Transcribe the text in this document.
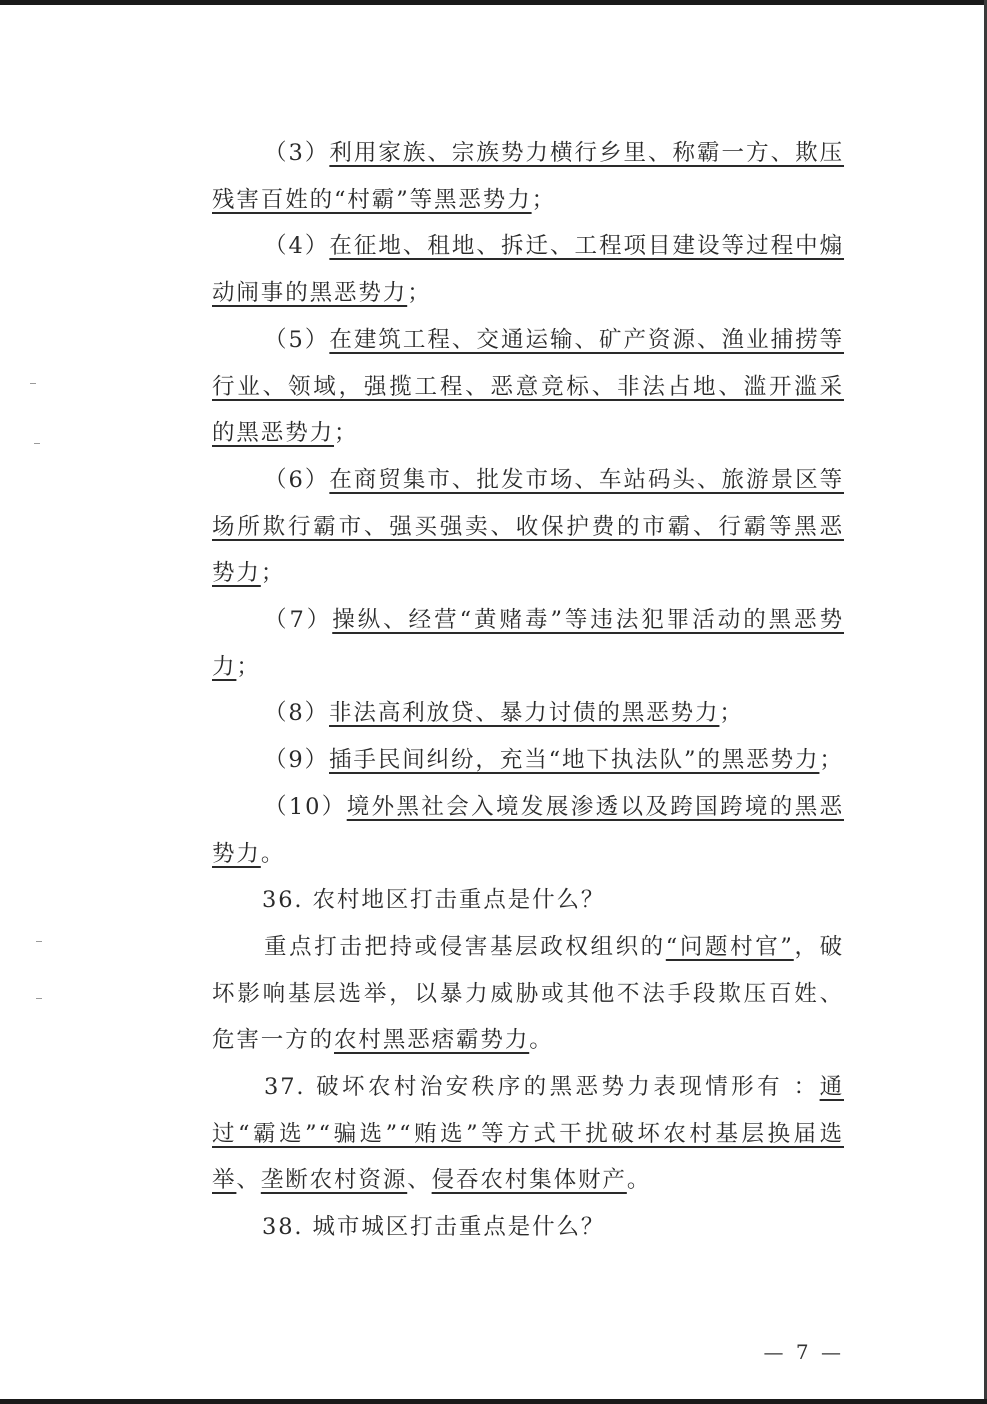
（3）利用家族、宗族势力横行乡里、称霸一方、欺压残害百姓的“村霸”等黑恶势力；

（4）在征地、租地、拆迁、工程项目建设等过程中煽动闹事的黑恶势力；

（5）在建筑工程、交通运输、矿产资源、渔业捕捞等行业、领域，强揽工程、恶意竞标、非法占地、滥开滥采的黑恶势力；

（6）在商贸集市、批发市场、车站码头、旅游景区等场所欺行霸市、强买强卖、收保护费的市霸、行霸等黑恶势力；

（7）操纵、经营“黄赌毒”等违法犯罪活动的黑恶势力；

（8）非法高利放贷、暴力讨债的黑恶势力；

（9）插手民间纠纷，充当“地下执法队”的黑恶势力；

（10）境外黑社会入境发展渗透以及跨国跨境的黑恶势力。

36. 农村地区打击重点是什么？

重点打击把持或侵害基层政权组织的“问题村官”，破坏影响基层选举，以暴力威胁或其他不法手段欺压百姓、危害一方的农村黑恶痞霸势力。

37. 破坏农村治安秩序的黑恶势力表现情形有 ：通过“霸选”“骗选”“贿选”等方式干扰破坏农村基层换届选举、垄断农村资源、侵吞农村集体财产。

38. 城市城区打击重点是什么？

— 7 —
